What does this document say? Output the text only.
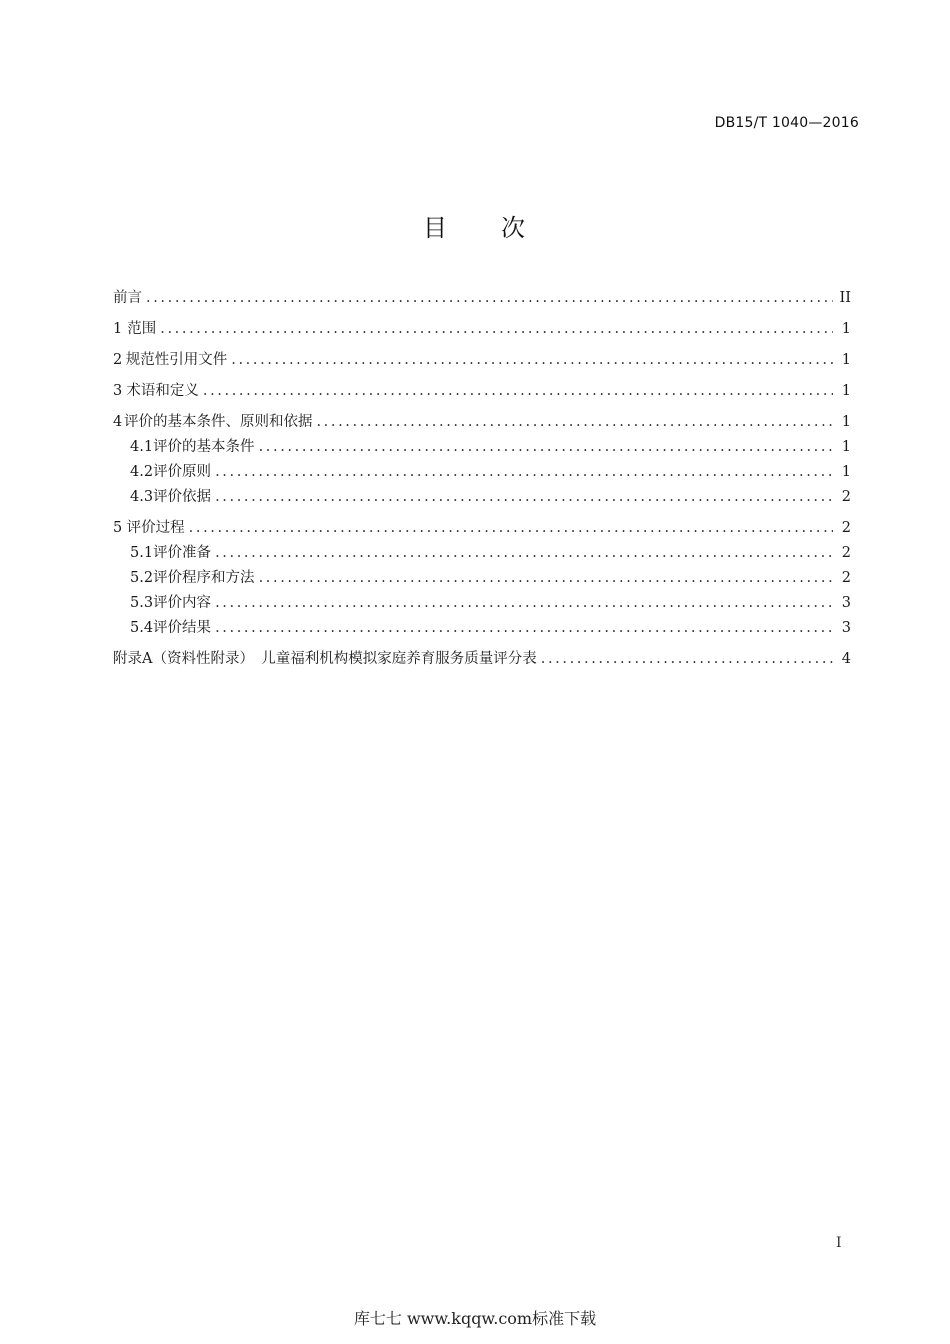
DB15/T 1040—2016
目 次
前言 .....	II
1 范围 .....	1
2 规范性引用文件 .....	1
3 术语和定义 .....	1
4 评价的基本条件、原则和依据 .....	1
4.1 评价的基本条件 .....	1
4.2 评价原则 .....	1
4.3 评价依据 .....	2
5 评价过程 .....	2
5.1 评价准备 .....	2
5.2 评价程序和方法 .....	2
5.3 评价内容 .....	3
5.4 评价结果 .....	3
附录A（资料性附录）　儿童福利机构模拟家庭养育服务质量评分表 .....	4
I
库七七 www.kqqw.com标准下载
